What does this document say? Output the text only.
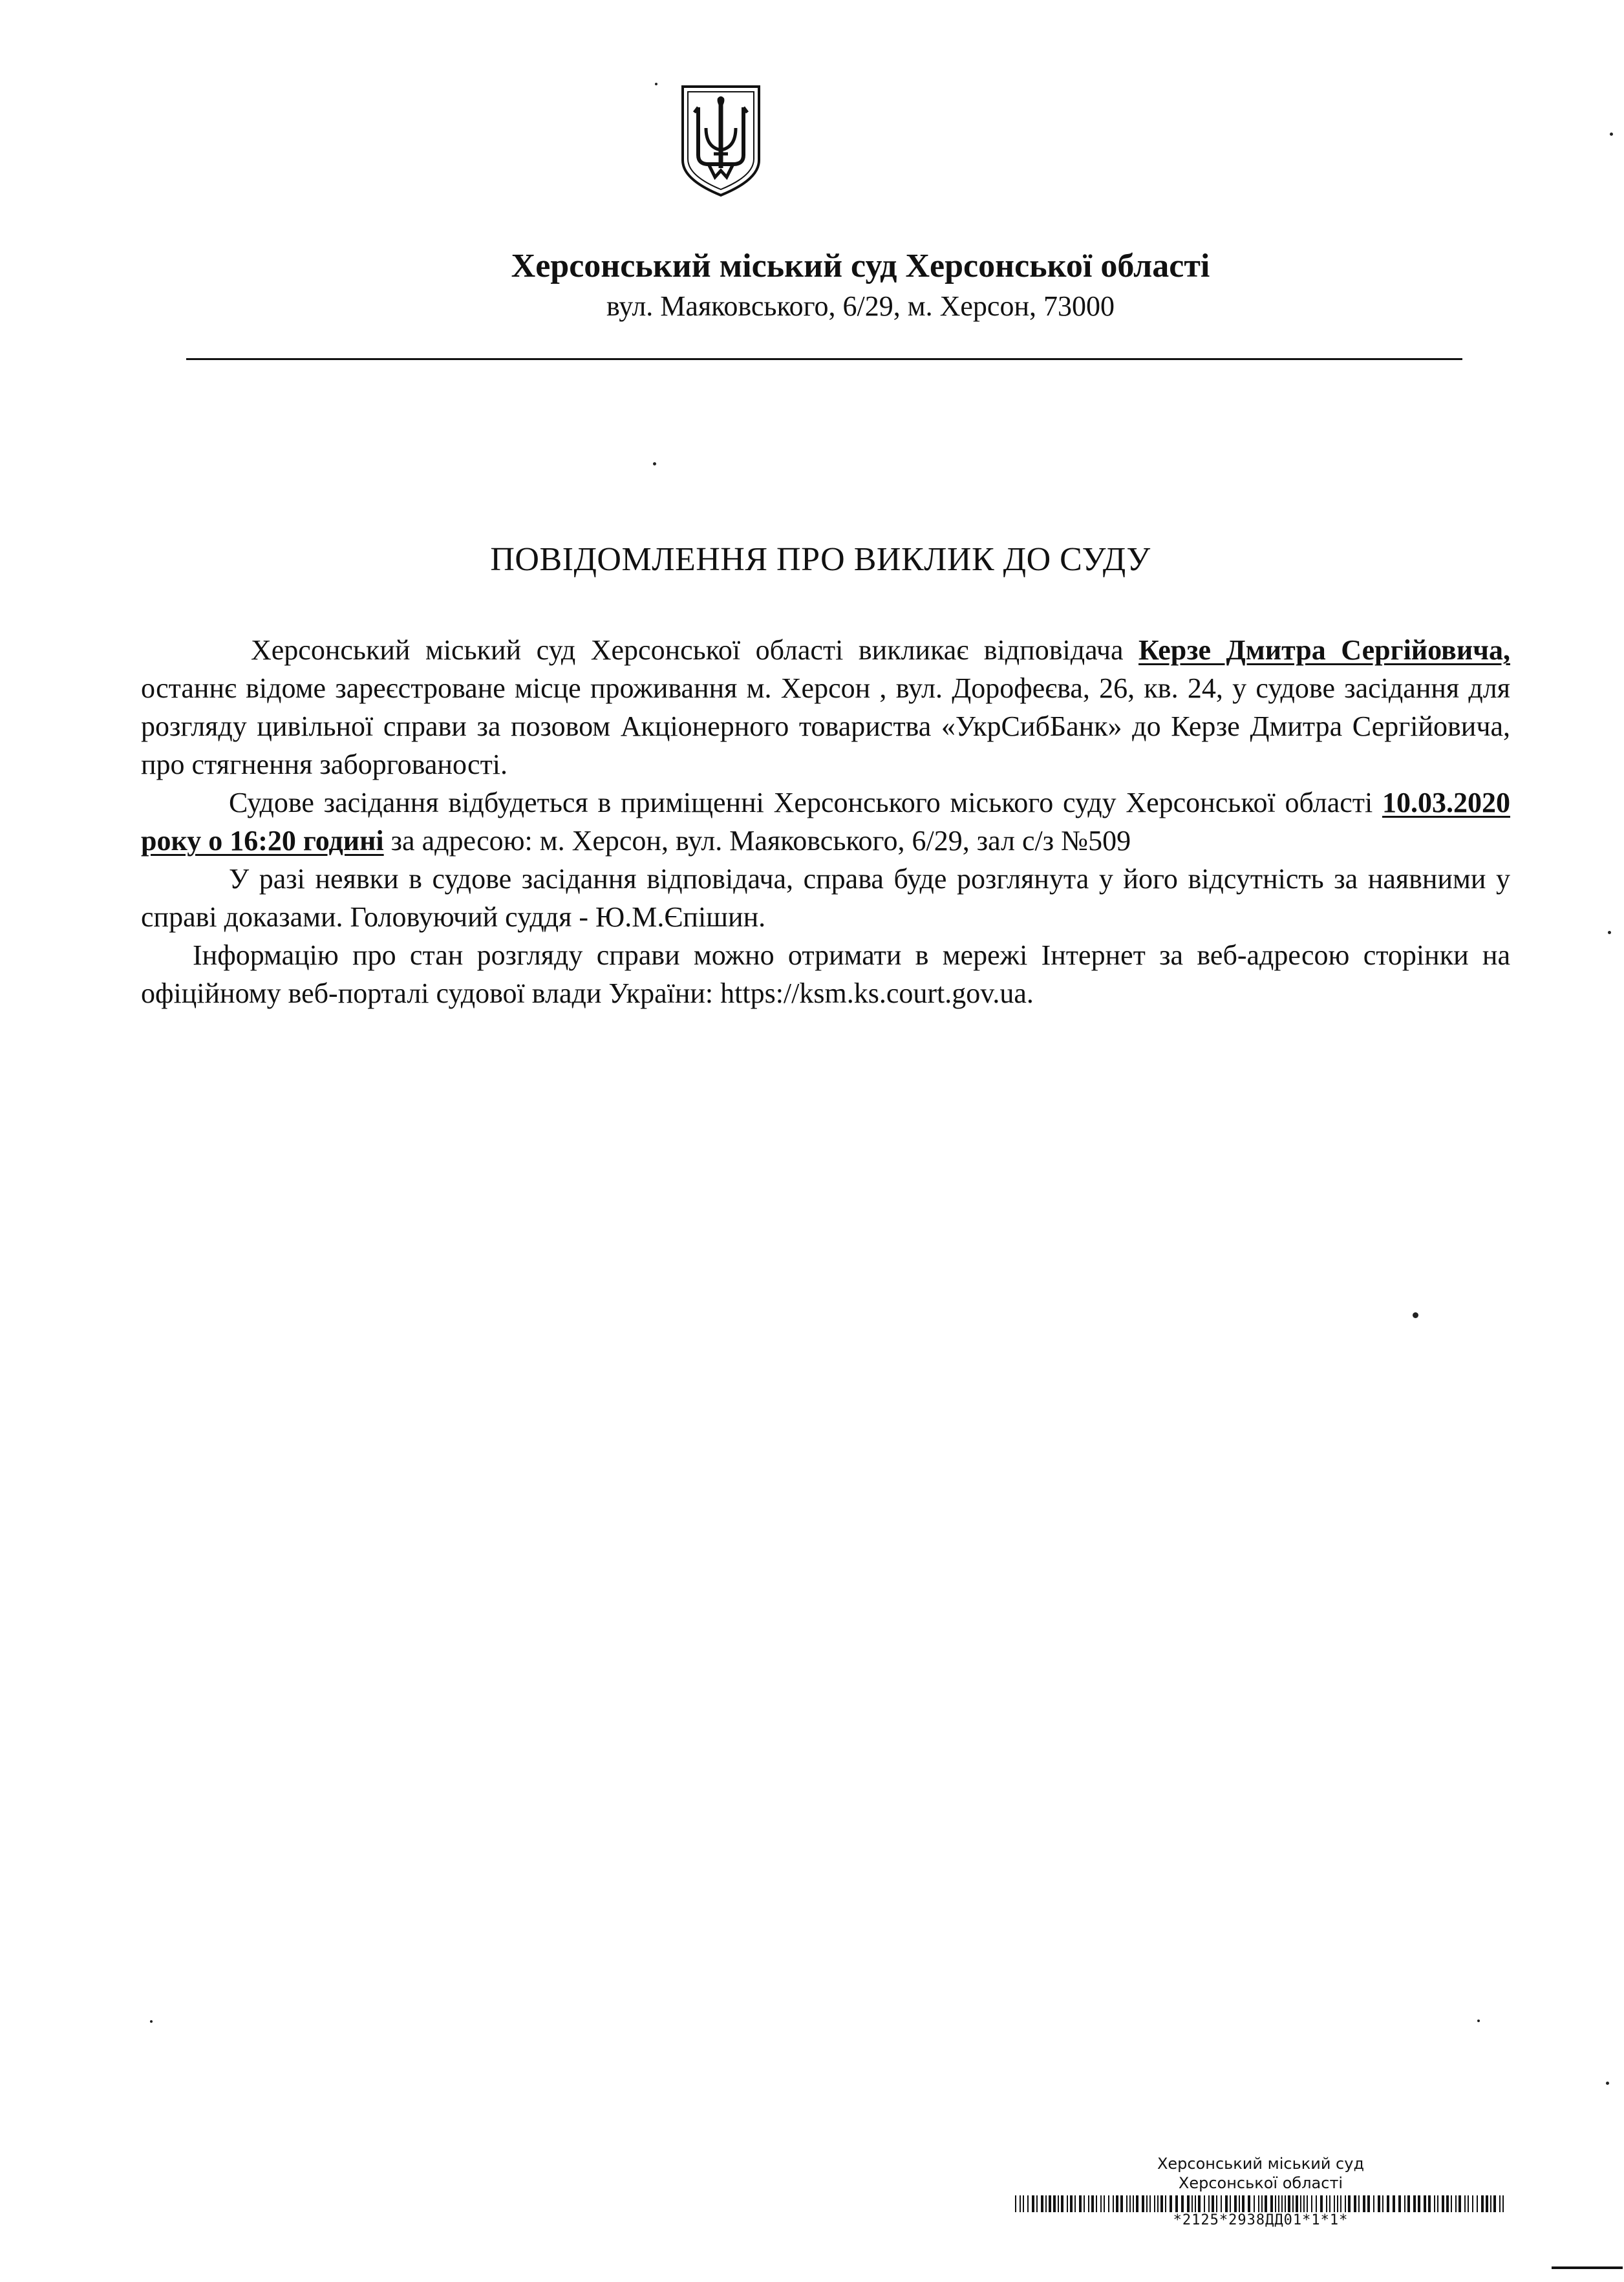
Херсонський міський суд Херсонської області
вул. Маяковського, 6/29, м. Херсон, 73000
ПОВІДОМЛЕННЯ ПРО ВИКЛИК ДО СУДУ

Херсонський міський суд Херсонської області викликає відповідача Керзе Дмитра Сергійовича, останнє відоме зареєстроване місце проживання м. Херсон , вул. Дорофеєва, 26, кв. 24, у судове засідання для розгляду цивільної справи за позовом Акціонерного товариства «УкрСибБанк» до Керзе Дмитра Сергійовича, про стягнення заборгованості.

Судове засідання відбудеться в приміщенні Херсонського міського суду Херсонської області 10.03.2020 року о 16:20 годині за адресою: м. Херсон, вул. Маяковського, 6/29, зал с/з №509

У разі неявки в судове засідання відповідача, справа буде розглянута у його відсутність за наявними у справі доказами. Головуючий суддя - Ю.М.Єпішин.

Інформацію про стан розгляду справи можно отримати в мережі Інтернет за веб-адресою сторінки на офіційному веб-порталі судової влади України: https://ksm.ks.court.gov.ua.

Херсонський міський суд
Херсонської області
*2125*2938ДД01*1*1*
